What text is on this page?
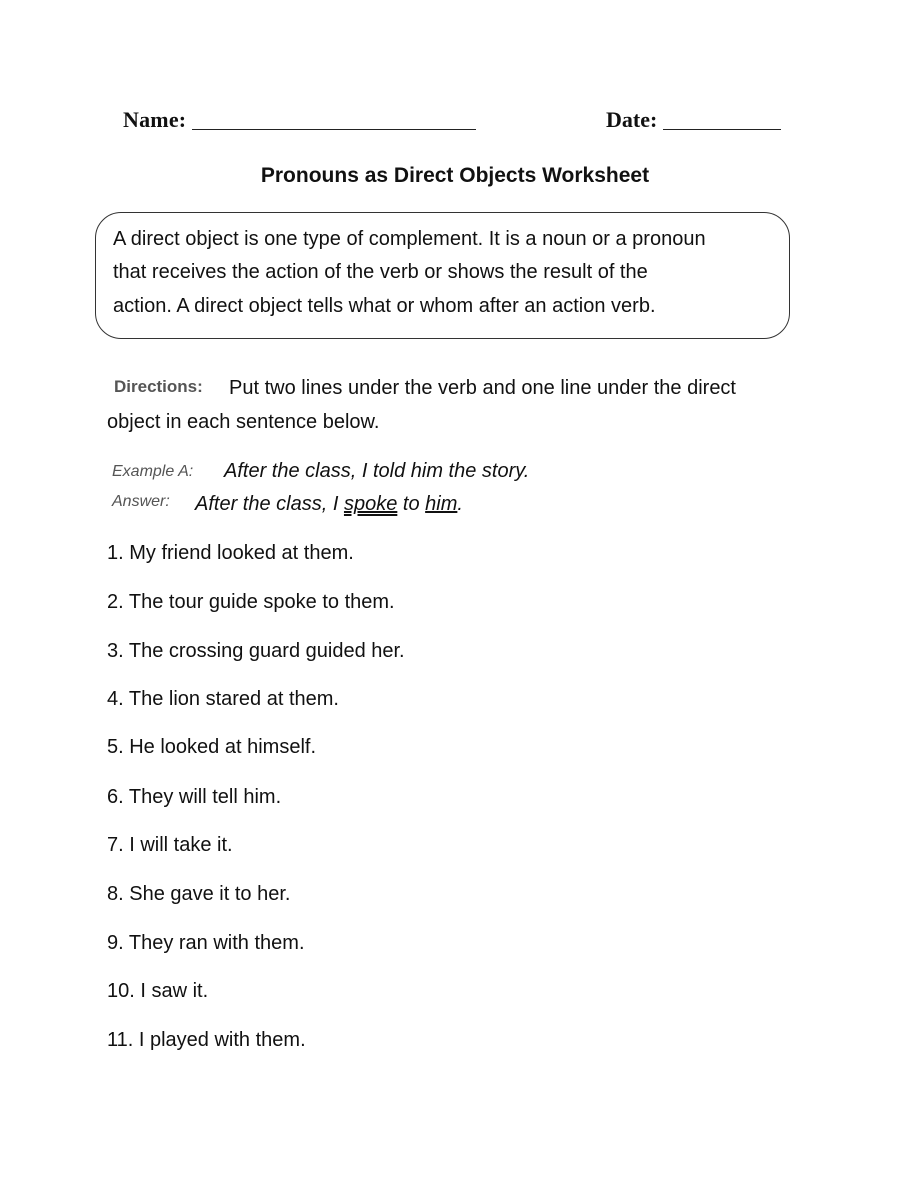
Name:	Date:
Pronouns as Direct Objects Worksheet
A direct object is one type of complement. It is a noun or a pronoun
that receives the action of the verb or shows the result of the
action. A direct object tells what or whom after an action verb.
Directions: Put two lines under the verb and one line under the direct
object in each sentence below.
Example A: After the class, I told him the story.
Answer: After the class, I spoke to him.
1. My friend looked at them.
2. The tour guide spoke to them.
3. The crossing guard guided her.
4. The lion stared at them.
5. He looked at himself.
6. They will tell him.
7. I will take it.
8. She gave it to her.
9. They ran with them.
10. I saw it.
11. I played with them.
